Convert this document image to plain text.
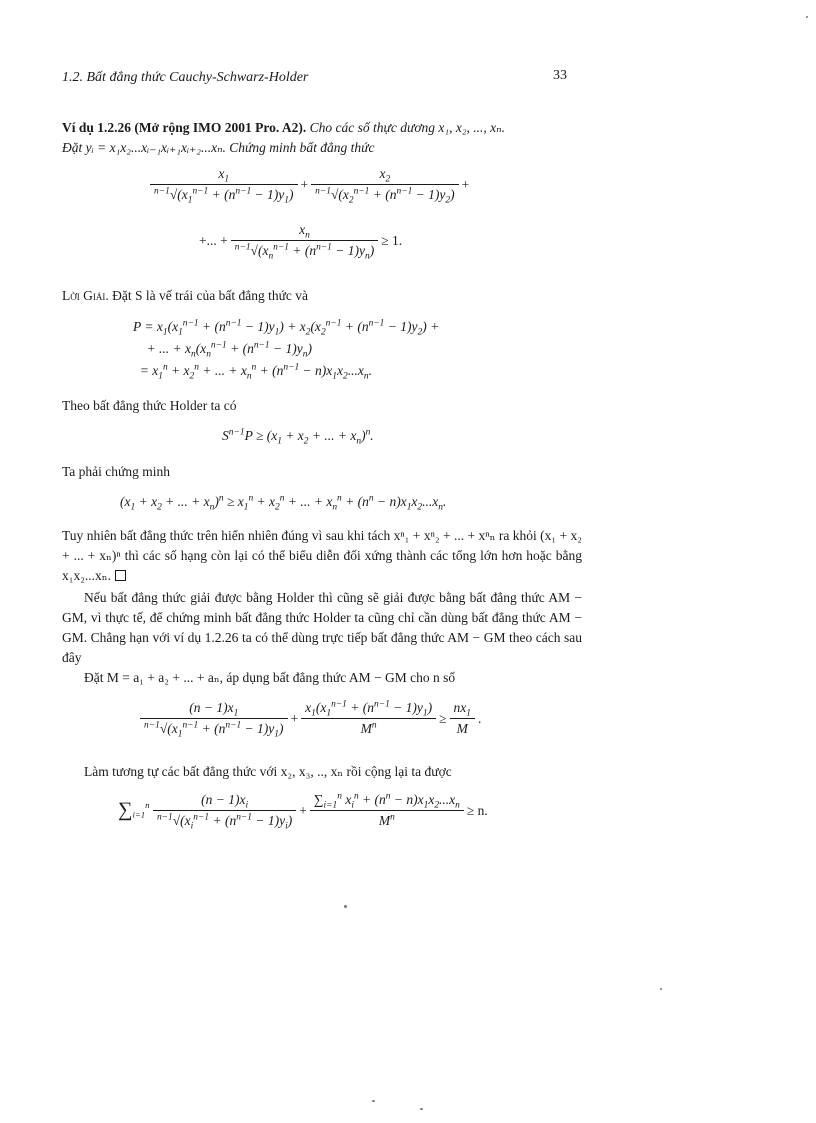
1.2. Bất đẳng thức Cauchy-Schwarz-Holder	33
Ví dụ 1.2.26 (Mở rộng IMO 2001 Pro. A2). Cho các số thực dương x₁, x₂, ..., xₙ.
Đặt yᵢ = x₁x₂...xᵢ₋₁xᵢ₊₁xᵢ₊₂...xₙ. Chứng minh bất đẳng thức
$\frac{x_1}{^{n-1}√(x_1^{n-1} + (n^{n-1} - 1)y_1)} + \frac{x_2}{^{n-1}√(x_2^{n-1} + (n^{n-1} - 1)y_2)}$ +
+... + $\frac{x_n}{^{n-1}√(x_n^{n-1} + (n^{n-1} - 1)y_n)} \ge 1$.
Lời Giải. Đặt S là vế trái của bất đẳng thức và
$P = x_1(x_1^{n-1} + (n^{n-1} - 1)y_1) + x_2(x_2^{n-1} + (n^{n-1} - 1)y_2)$ +
+ ... + $x_n(x_n^{n-1} + (n^{n-1} - 1)y_n)$
= $x_1^n + x_2^n$ + ... + $x_n^n + (n^{n-1} - n)x_1x_2...x_n$.
Theo bất đẳng thức Holder ta có
$S^{n-1}P \ge (x_1 + x_2$ + ... + $x_n)^n$.
Ta phải chứng minh
($x_1 + x_2$ + ... + $x_n)^n \ge x_1^n + x_2^n$ + ... + $x_n^n + (n^n - n)x_1x_2...x_n$.
Tuy nhiên bất đẳng thức trên hiển nhiên đúng vì sau khi tách xⁿ₁ + xⁿ₂ + ... + xⁿₙ ra khỏi (x₁ + x₂ + ... + xₙ)ⁿ thì các số hạng còn lại có thể biểu diễn đối xứng thành các tổng lớn hơn hoặc bằng x₁x₂...xₙ.
Nếu bất đẳng thức giải được bằng Holder thì cũng sẽ giải được bằng bất đẳng thức AM − GM, vì thực tế, để chứng minh bất đẳng thức Holder ta cũng chỉ cần dùng bất đẳng thức AM − GM. Chẳng hạn với ví dụ 1.2.26 ta có thể dùng trực tiếp bất đẳng thức AM − GM theo cách sau đây
Đặt M = a₁ + a₂ + ... + aₙ, áp dụng bất đẳng thức AM − GM cho n số
$\frac{(n - 1)x_1}{^{n-1}√(x_1^{n-1} + (n^{n-1} - 1)y_1)} + \frac{x_1(x_1^{n-1} + (n^{n-1} - 1)y_1)}{M^n} \ge \frac{nx_1}{M}$ .
Làm tương tự các bất đẳng thức với x₂, x₃, .., xₙ rồi cộng lại ta được
$\sum_{i=1}^n \frac{(n - 1)x_i}{^{n-1}√(x_i^{n-1} + (n^{n-1} - 1)y_i)} + \frac{\sum_{i=1}^n x_i^n + (n^n - n)x_1x_2...x_n}{M^n} \ge n$.
